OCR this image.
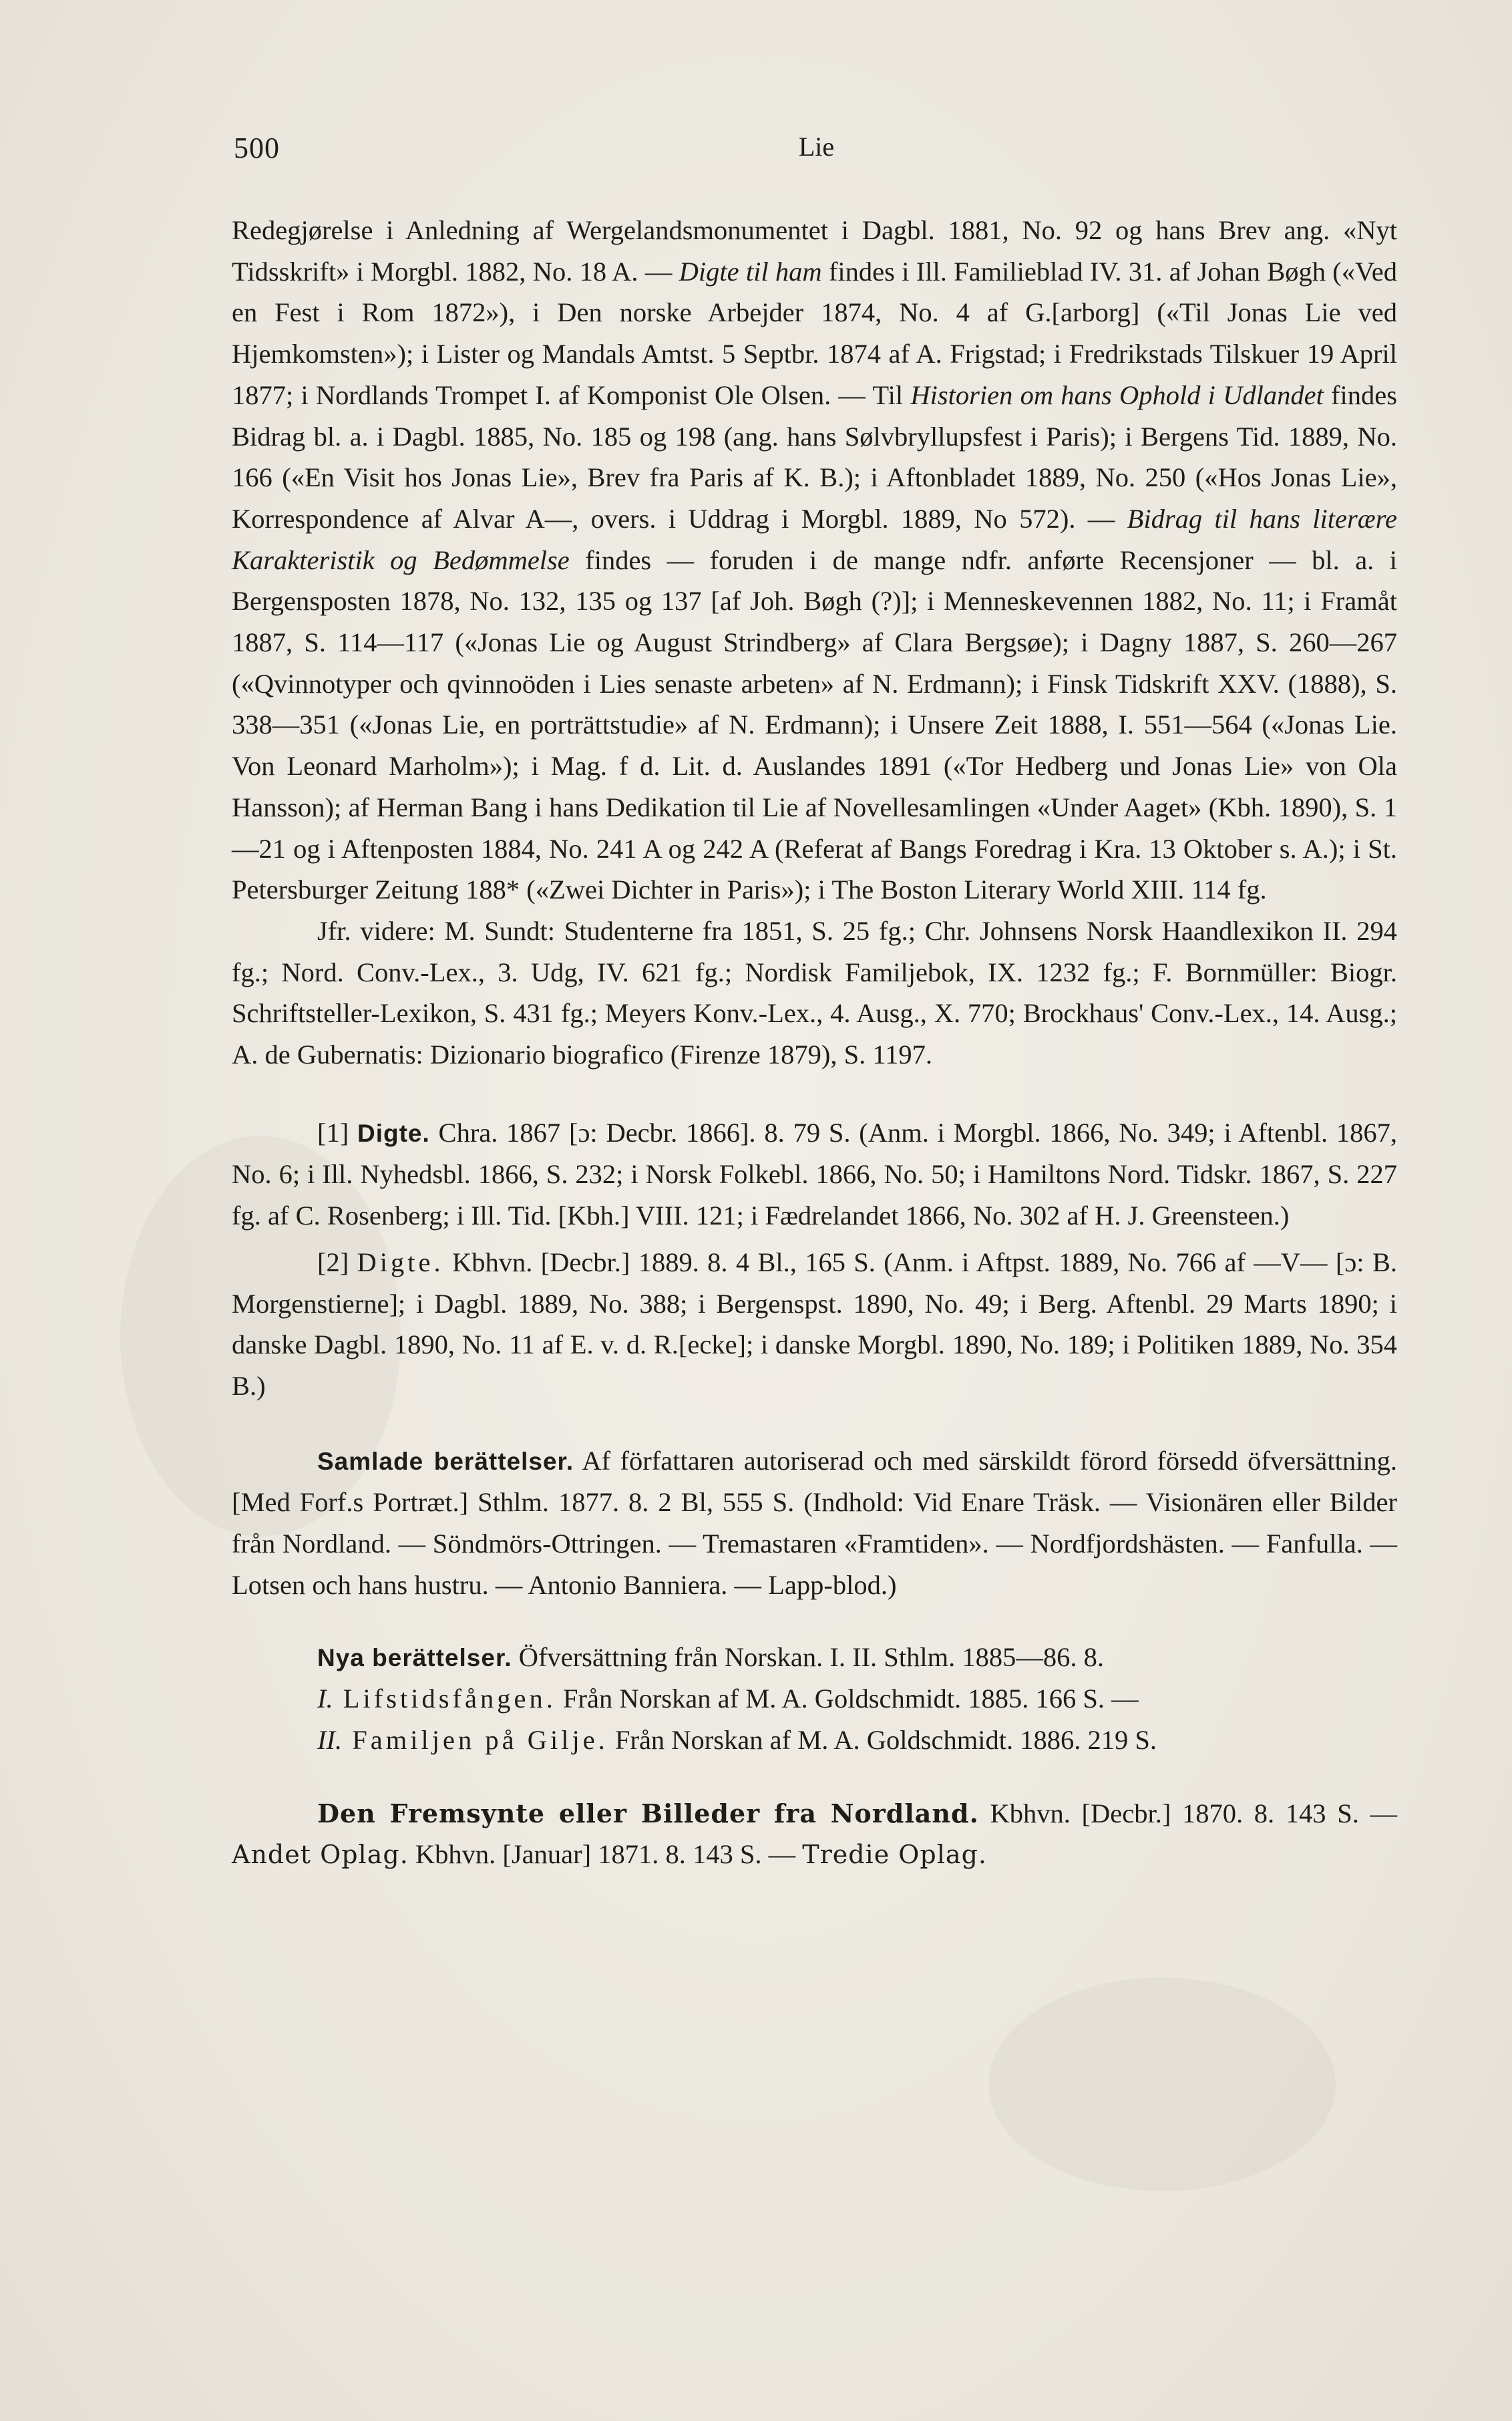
500	Lie

Redegjørelse i Anledning af Wergelandsmonumentet i Dagbl. 1881, No. 92 og hans Brev ang. «Nyt Tidsskrift» i Morgbl. 1882, No. 18 A. — Digte til ham findes i Ill. Familieblad IV. 31. af Johan Bøgh («Ved en Fest i Rom 1872»), i Den norske Arbejder 1874, No. 4 af G.[arborg] («Til Jonas Lie ved Hjemkomsten»); i Lister og Mandals Amtst. 5 Septbr. 1874 af A. Frigstad; i Fredrikstads Tilskuer 19 April 1877; i Nordlands Trompet I. af Komponist Ole Olsen. — Til Historien om hans Ophold i Udlandet findes Bidrag bl. a. i Dagbl. 1885, No. 185 og 198 (ang. hans Sølvbryllupsfest i Paris); i Bergens Tid. 1889, No. 166 («En Visit hos Jonas Lie», Brev fra Paris af K. B.); i Aftonbladet 1889, No. 250 («Hos Jonas Lie», Korrespondence af Alvar A—, overs. i Uddrag i Morgbl. 1889, No 572). — Bidrag til hans literære Karakteristik og Bedømmelse findes — foruden i de mange ndfr. anførte Recensjoner — bl. a. i Bergensposten 1878, No. 132, 135 og 137 [af Joh. Bøgh (?)]; i Menneskevennen 1882, No. 11; i Framåt 1887, S. 114—117 («Jonas Lie og August Strindberg» af Clara Bergsøe); i Dagny 1887, S. 260—267 («Qvinnotyper och qvinnoöden i Lies senaste arbeten» af N. Erdmann); i Finsk Tidskrift XXV. (1888), S. 338—351 («Jonas Lie, en porträttstudie» af N. Erdmann); i Unsere Zeit 1888, I. 551—564 («Jonas Lie. Von Leonard Marholm»); i Mag. f d. Lit. d. Auslandes 1891 («Tor Hedberg und Jonas Lie» von Ola Hansson); af Herman Bang i hans Dedikation til Lie af Novellesamlingen «Under Aaget» (Kbh. 1890), S. 1—21 og i Aftenposten 1884, No. 241 A og 242 A (Referat af Bangs Foredrag i Kra. 13 Oktober s. A.); i St. Petersburger Zeitung 188* («Zwei Dichter in Paris»); i The Boston Literary World XIII. 114 fg.

Jfr. videre: M. Sundt: Studenterne fra 1851, S. 25 fg.; Chr. Johnsens Norsk Haandlexikon II. 294 fg.; Nord. Conv.-Lex., 3. Udg, IV. 621 fg.; Nordisk Familjebok, IX. 1232 fg.; F. Bornmüller: Biogr. Schriftsteller-Lexikon, S. 431 fg.; Meyers Konv.-Lex., 4. Ausg., X. 770; Brockhaus' Conv.-Lex., 14. Ausg.; A. de Gubernatis: Dizionario biografico (Firenze 1879), S. 1197.

[1] Digte. Chra. 1867 [ɔ: Decbr. 1866]. 8. 79 S. (Anm. i Morgbl. 1866, No. 349; i Aftenbl. 1867, No. 6; i Ill. Nyhedsbl. 1866, S. 232; i Norsk Folkebl. 1866, No. 50; i Hamiltons Nord. Tidskr. 1867, S. 227 fg. af C. Rosenberg; i Ill. Tid. [Kbh.] VIII. 121; i Fædrelandet 1866, No. 302 af H. J. Greensteen.)

[2] Digte. Kbhvn. [Decbr.] 1889. 8. 4 Bl., 165 S. (Anm. i Aftpst. 1889, No. 766 af —V— [ɔ: B. Morgenstierne]; i Dagbl. 1889, No. 388; i Bergenspst. 1890, No. 49; i Berg. Aftenbl. 29 Marts 1890; i danske Dagbl. 1890, No. 11 af E. v. d. R.[ecke]; i danske Morgbl. 1890, No. 189; i Politiken 1889, No. 354 B.)

Samlade berättelser. Af författaren autoriserad och med särskildt förord försedd öfversättning. [Med Forf.s Portræt.] Sthlm. 1877. 8. 2 Bl, 555 S. (Indhold: Vid Enare Träsk. — Visionären eller Bilder från Nordland. — Söndmörs-Ottringen. — Tremastaren «Framtiden». — Nordfjordshästen. — Fanfulla. — Lotsen och hans hustru. — Antonio Banniera. — Lapp-blod.)

Nya berättelser. Öfversättning från Norskan. I. II. Sthlm. 1885—86. 8.

I. Lifstidsfången. Från Norskan af M. A. Goldschmidt. 1885. 166 S. —

II. Familjen på Gilje. Från Norskan af M. A. Goldschmidt. 1886. 219 S.

Den Fremsynte eller Billeder fra Nordland. Kbhvn. [Decbr.] 1870. 8. 143 S. — Andet Oplag. Kbhvn. [Januar] 1871. 8. 143 S. — Tredie Oplag.
